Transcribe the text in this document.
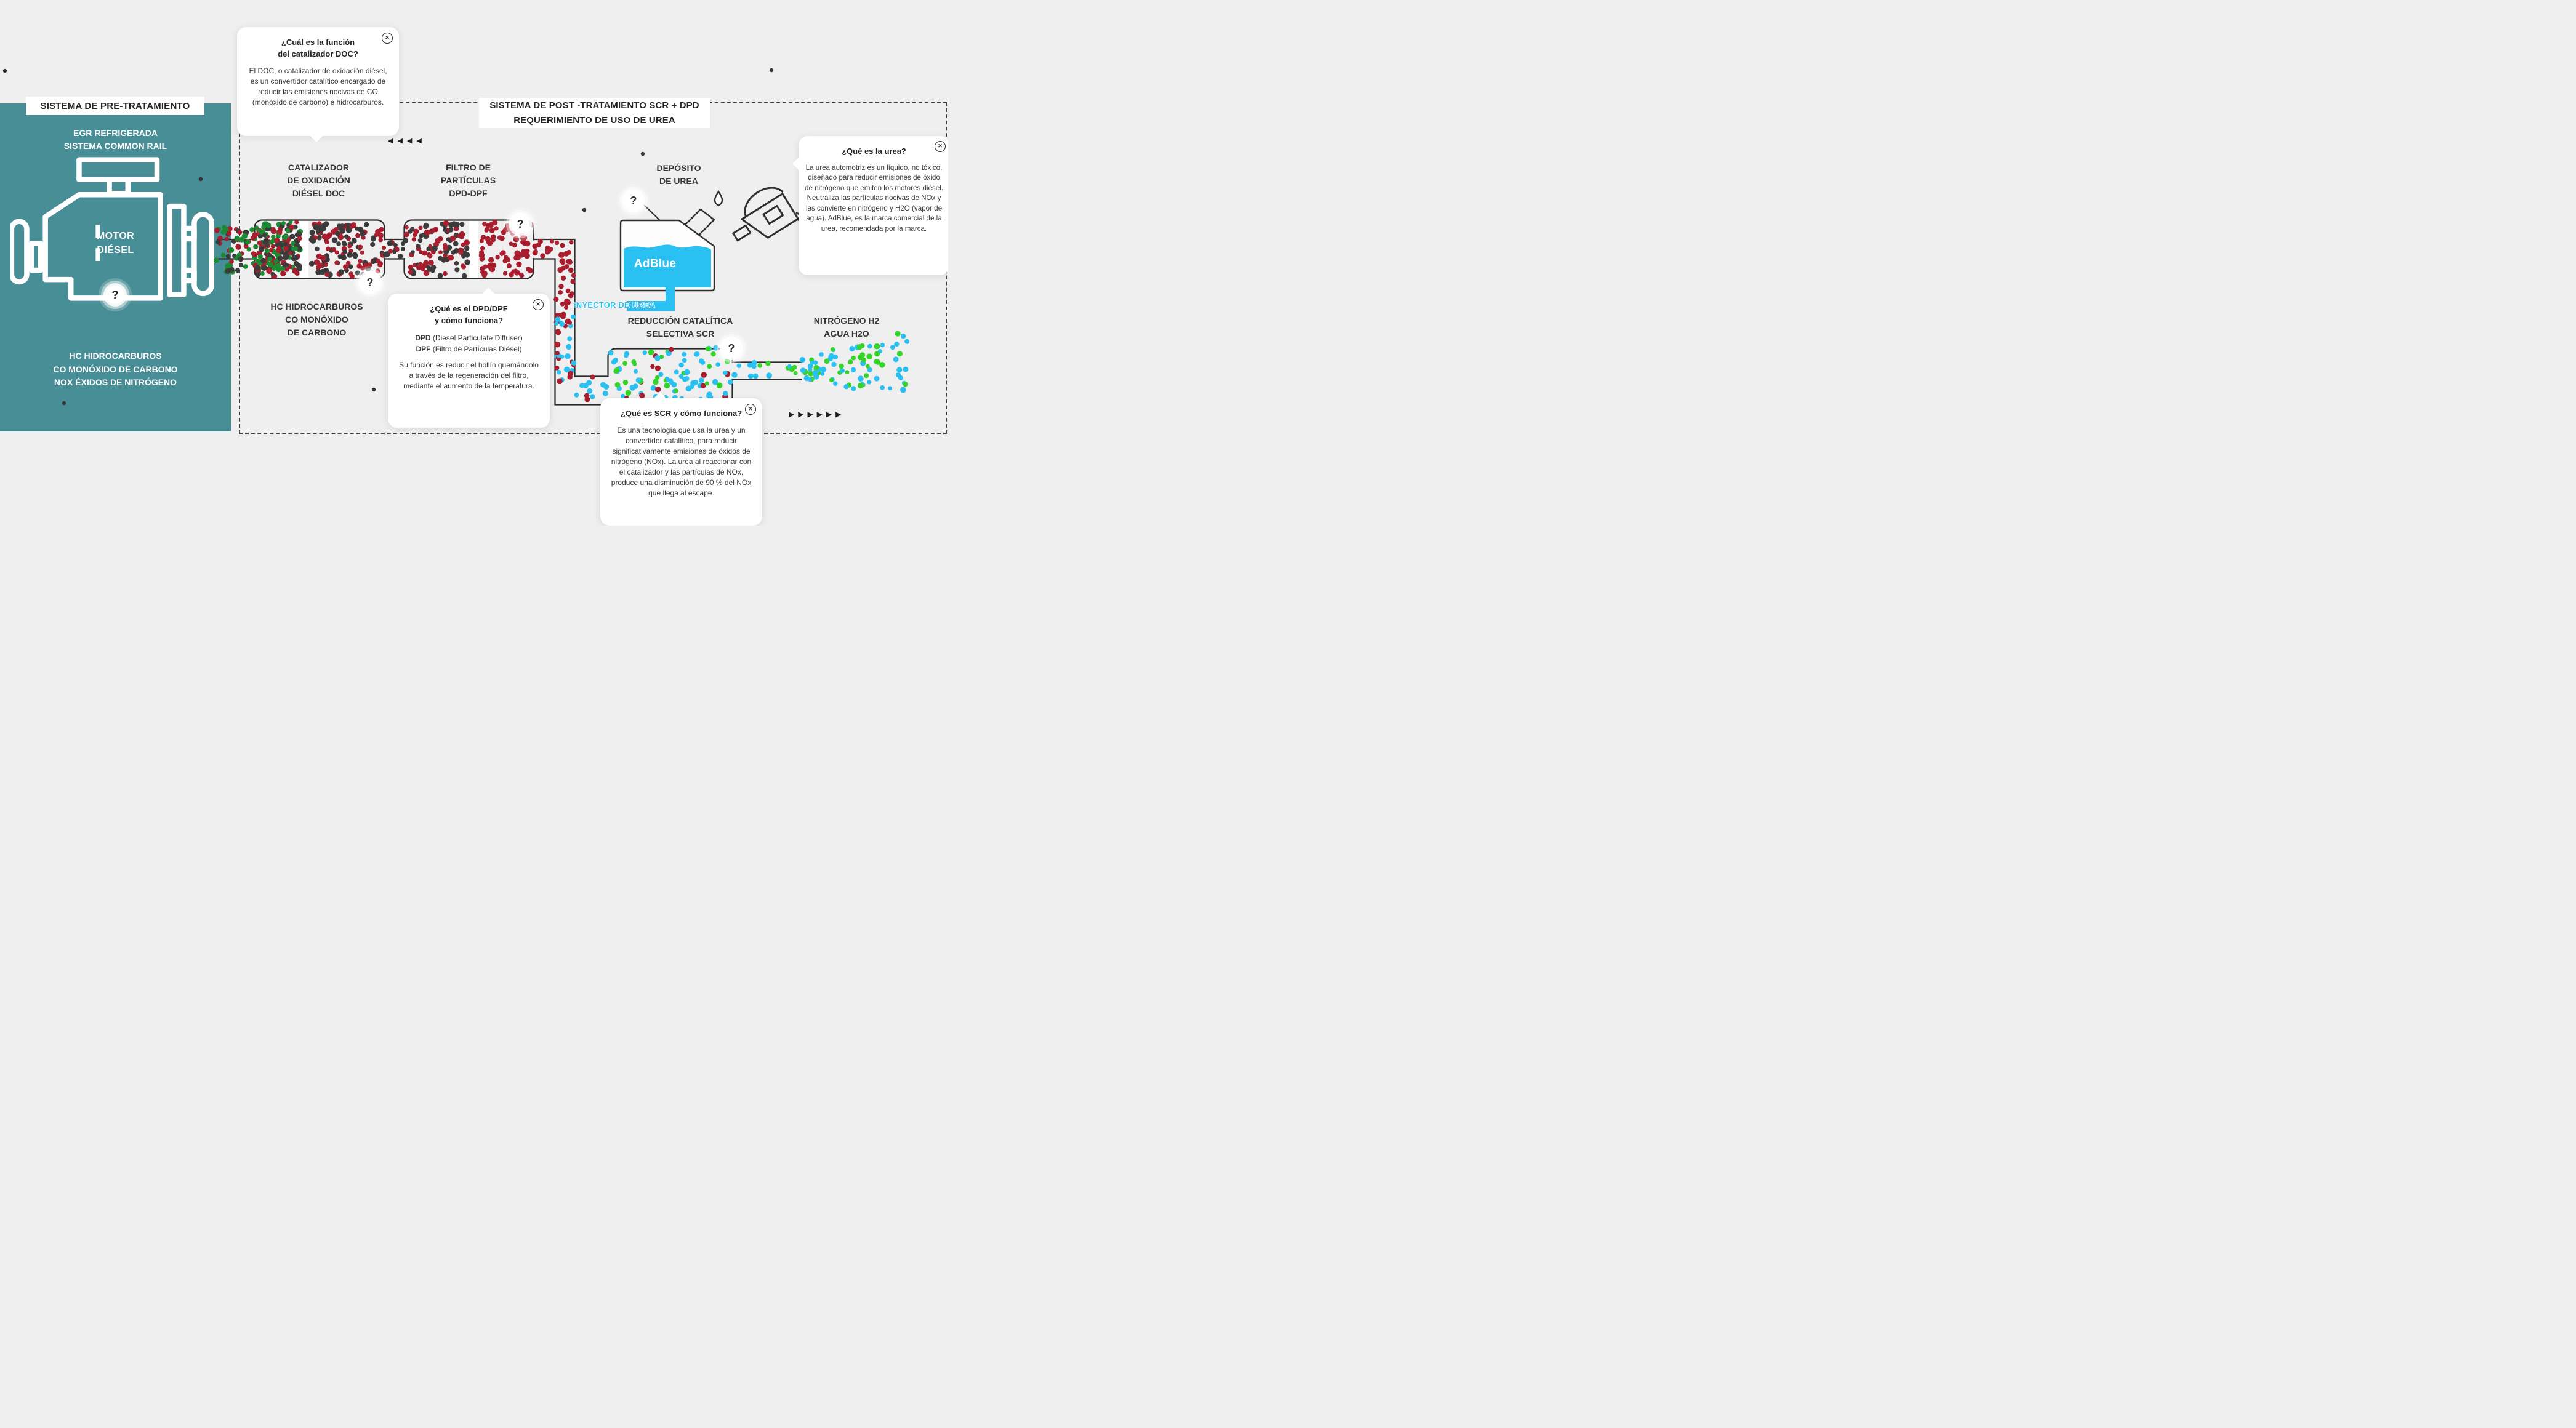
SISTEMA DE PRE-TRATAMIENTO
EGR REFRIGERADA
SISTEMA COMMON RAIL
MOTOR
DIÉSEL
HC HIDROCARBUROS
CO MONÓXIDO DE CARBONO
NOX ÉXIDOS DE NITRÓGENO
SISTEMA DE POST -TRATAMIENTO SCR + DPD
REQUERIMIENTO DE USO DE UREA
CATALIZADOR
DE OXIDACIÓN
DIÉSEL DOC
FILTRO DE
PARTÍCULAS
DPD-DPF
DEPÓSITO
DE UREA
HC HIDROCARBUROS
CO MONÓXIDO
DE CARBONO
REDUCCIÓN CATALÍTICA
SELECTIVA SCR
NITRÓGENO H2
AGUA H2O
AdBlue
INYECTOR DE UREA
?
?
?
?
?
◀◀◀◀
▶▶▶▶▶▶
✕
¿Cuál es la función
del catalizador DOC?
El DOC, o catalizador de oxidación diésel, es un convertidor catalítico encargado de reducir las emisiones nocivas de CO (monóxido de carbono) e hidrocarburos.
✕
¿Qué es el DPD/DPF
y cómo funciona?
DPD (Diesel Particulate Diffuser)
DPF (Filtro de Partículas Diésel)
Su función es reducir el hollín quemándolo a través de la regeneración del filtro, mediante el aumento de la temperatura.
✕
¿Qué es la urea?
La urea automotriz es un líquido, no tóxico, diseñado para reducir emisiones de óxido de nitrógeno que emiten los motores diésel. Neutraliza las partículas nocivas de NOx y las convierte en nitrógeno y H2O (vapor de agua). AdBlue, es la marca comercial de la urea, recomendada por la marca.
✕
¿Qué es SCR y cómo funciona?
Es una tecnología que usa la urea y un convertidor catalítico, para reducir significativamente emisiones de óxidos de nitrógeno (NOx). La urea al reaccionar con el catalizador y las partículas de NOx, produce una disminución de 90 % del NOx que llega al escape.
